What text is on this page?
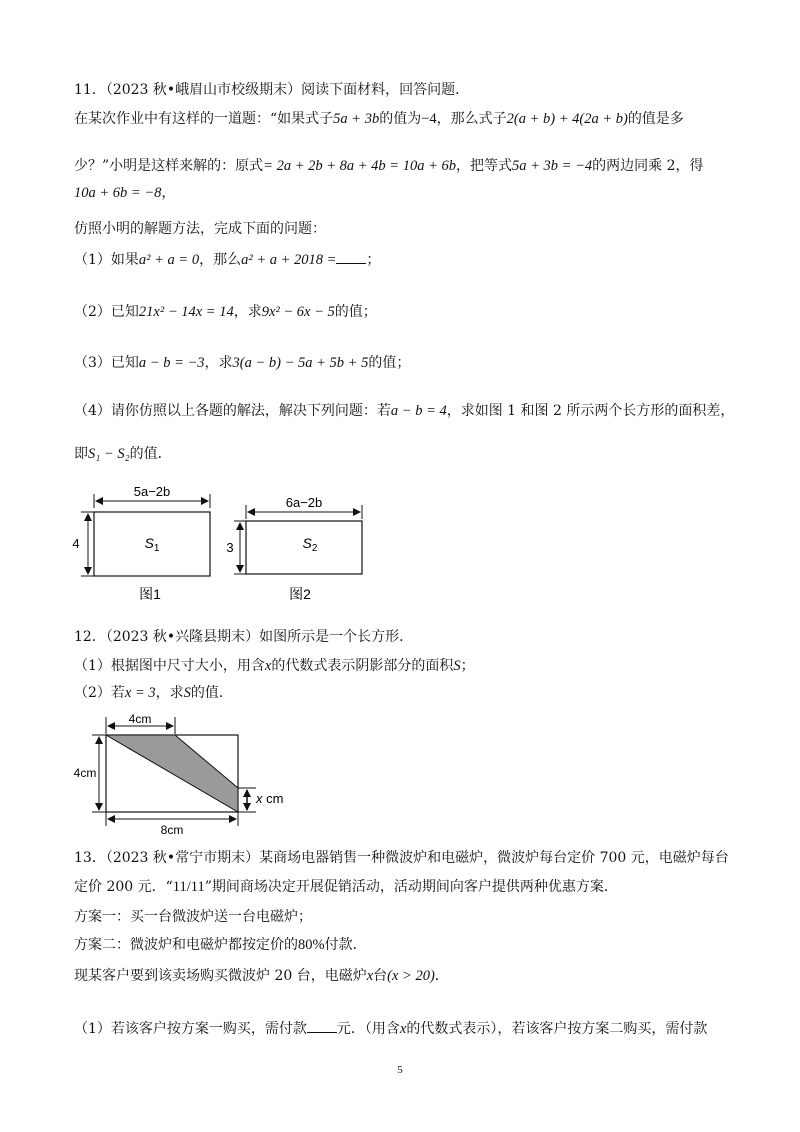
11．（2023 秋•峨眉山市校级期末）阅读下面材料，回答问题．
在某次作业中有这样的一道题：“如果式子5a + 3b的值为−4，那么式子2(a + b) + 4(2a + b)的值是多
少？”小明是这样来解的：原式= 2a + 2b + 8a + 4b = 10a + 6b，把等式5a + 3b = −4的两边同乘 2，得
10a + 6b = −8，
仿照小明的解题方法，完成下面的问题：
（1）如果a² + a = 0，那么a² + a + 2018 = ；
（2）已知21x² − 14x = 14，求9x² − 6x − 5的值；
（3）已知a − b = −3，求3(a − b) − 5a + 5b + 5的值；
（4）请你仿照以上各题的解法，解决下列问题：若a − b = 4，求如图 1 和图 2 所示两个长方形的面积差，
即S₁ − S₂的值．
5a−2b
4	$S_1$
图1
6a−2b
3	$S_2$
图2
12．（2023 秋•兴隆县期末）如图所示是一个长方形．
（1）根据图中尺寸大小，用含x的代数式表示阴影部分的面积S；
（2）若x = 3，求S的值．
4cm
4cm
x cm
8cm
13．（2023 秋•常宁市期末）某商场电器销售一种微波炉和电磁炉，微波炉每台定价 700 元，电磁炉每台
定价 200 元．“11/11”期间商场决定开展促销活动，活动期间向客户提供两种优惠方案．
方案一：买一台微波炉送一台电磁炉；
方案二：微波炉和电磁炉都按定价的80%付款．
现某客户要到该卖场购买微波炉 20 台，电磁炉x台(x > 20)．
（1）若该客户按方案一购买，需付款 元．（用含x的代数式表示），若该客户按方案二购买，需付款
5
